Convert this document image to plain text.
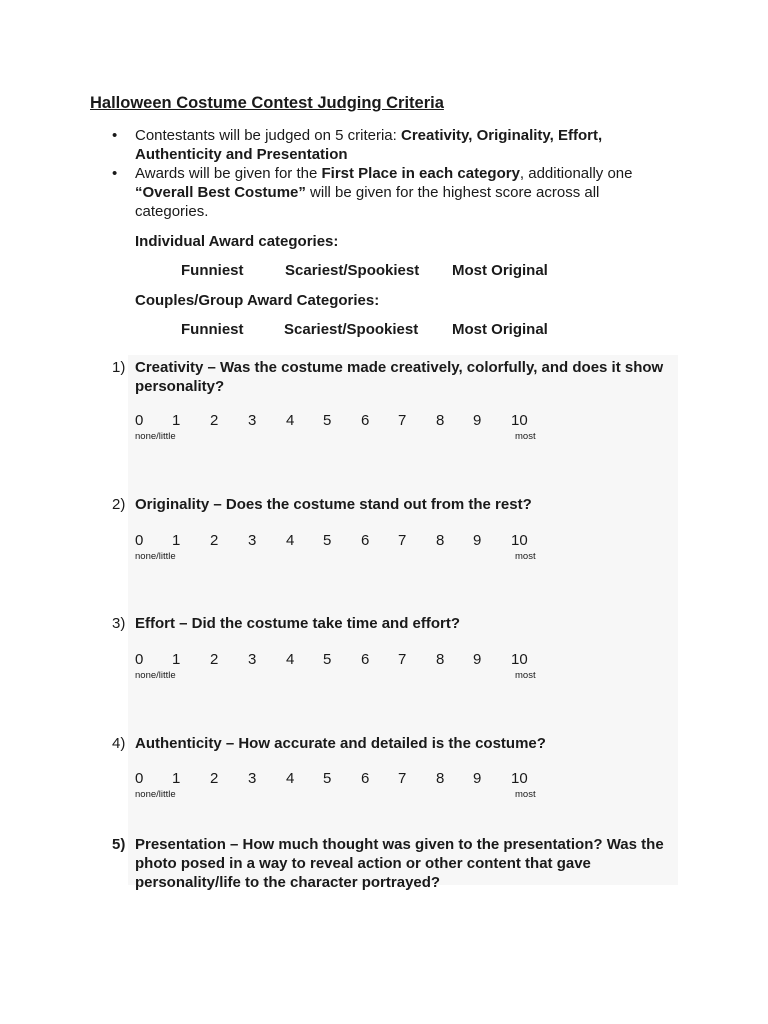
Halloween Costume Contest Judging Criteria
• Contestants will be judged on 5 criteria: Creativity, Originality, Effort, Authenticity and Presentation
• Awards will be given for the First Place in each category, additionally one “Overall Best Costume” will be given for the highest score across all categories.
Individual Award categories:
Funniest	Scariest/Spookiest Most Original
Couples/Group Award Categories:
Funniest	Scariest/Spookiest Most Original
1) Creativity – Was the costume made creatively, colorfully, and does it show personality?
0 1 2 3 4 5 6 7 8 9 10
none/little	most
2) Originality – Does the costume stand out from the rest?
0 1 2 3 4 5 6 7 8 9 10
none/little	most
3) Effort – Did the costume take time and effort?
0 1 2 3 4 5 6 7 8 9 10
none/little	most
4) Authenticity – How accurate and detailed is the costume?
0 1 2 3 4 5 6 7 8 9 10
none/little	most
5) Presentation – How much thought was given to the presentation? Was the photo posed in a way to reveal action or other content that gave personality/life to the character portrayed?
